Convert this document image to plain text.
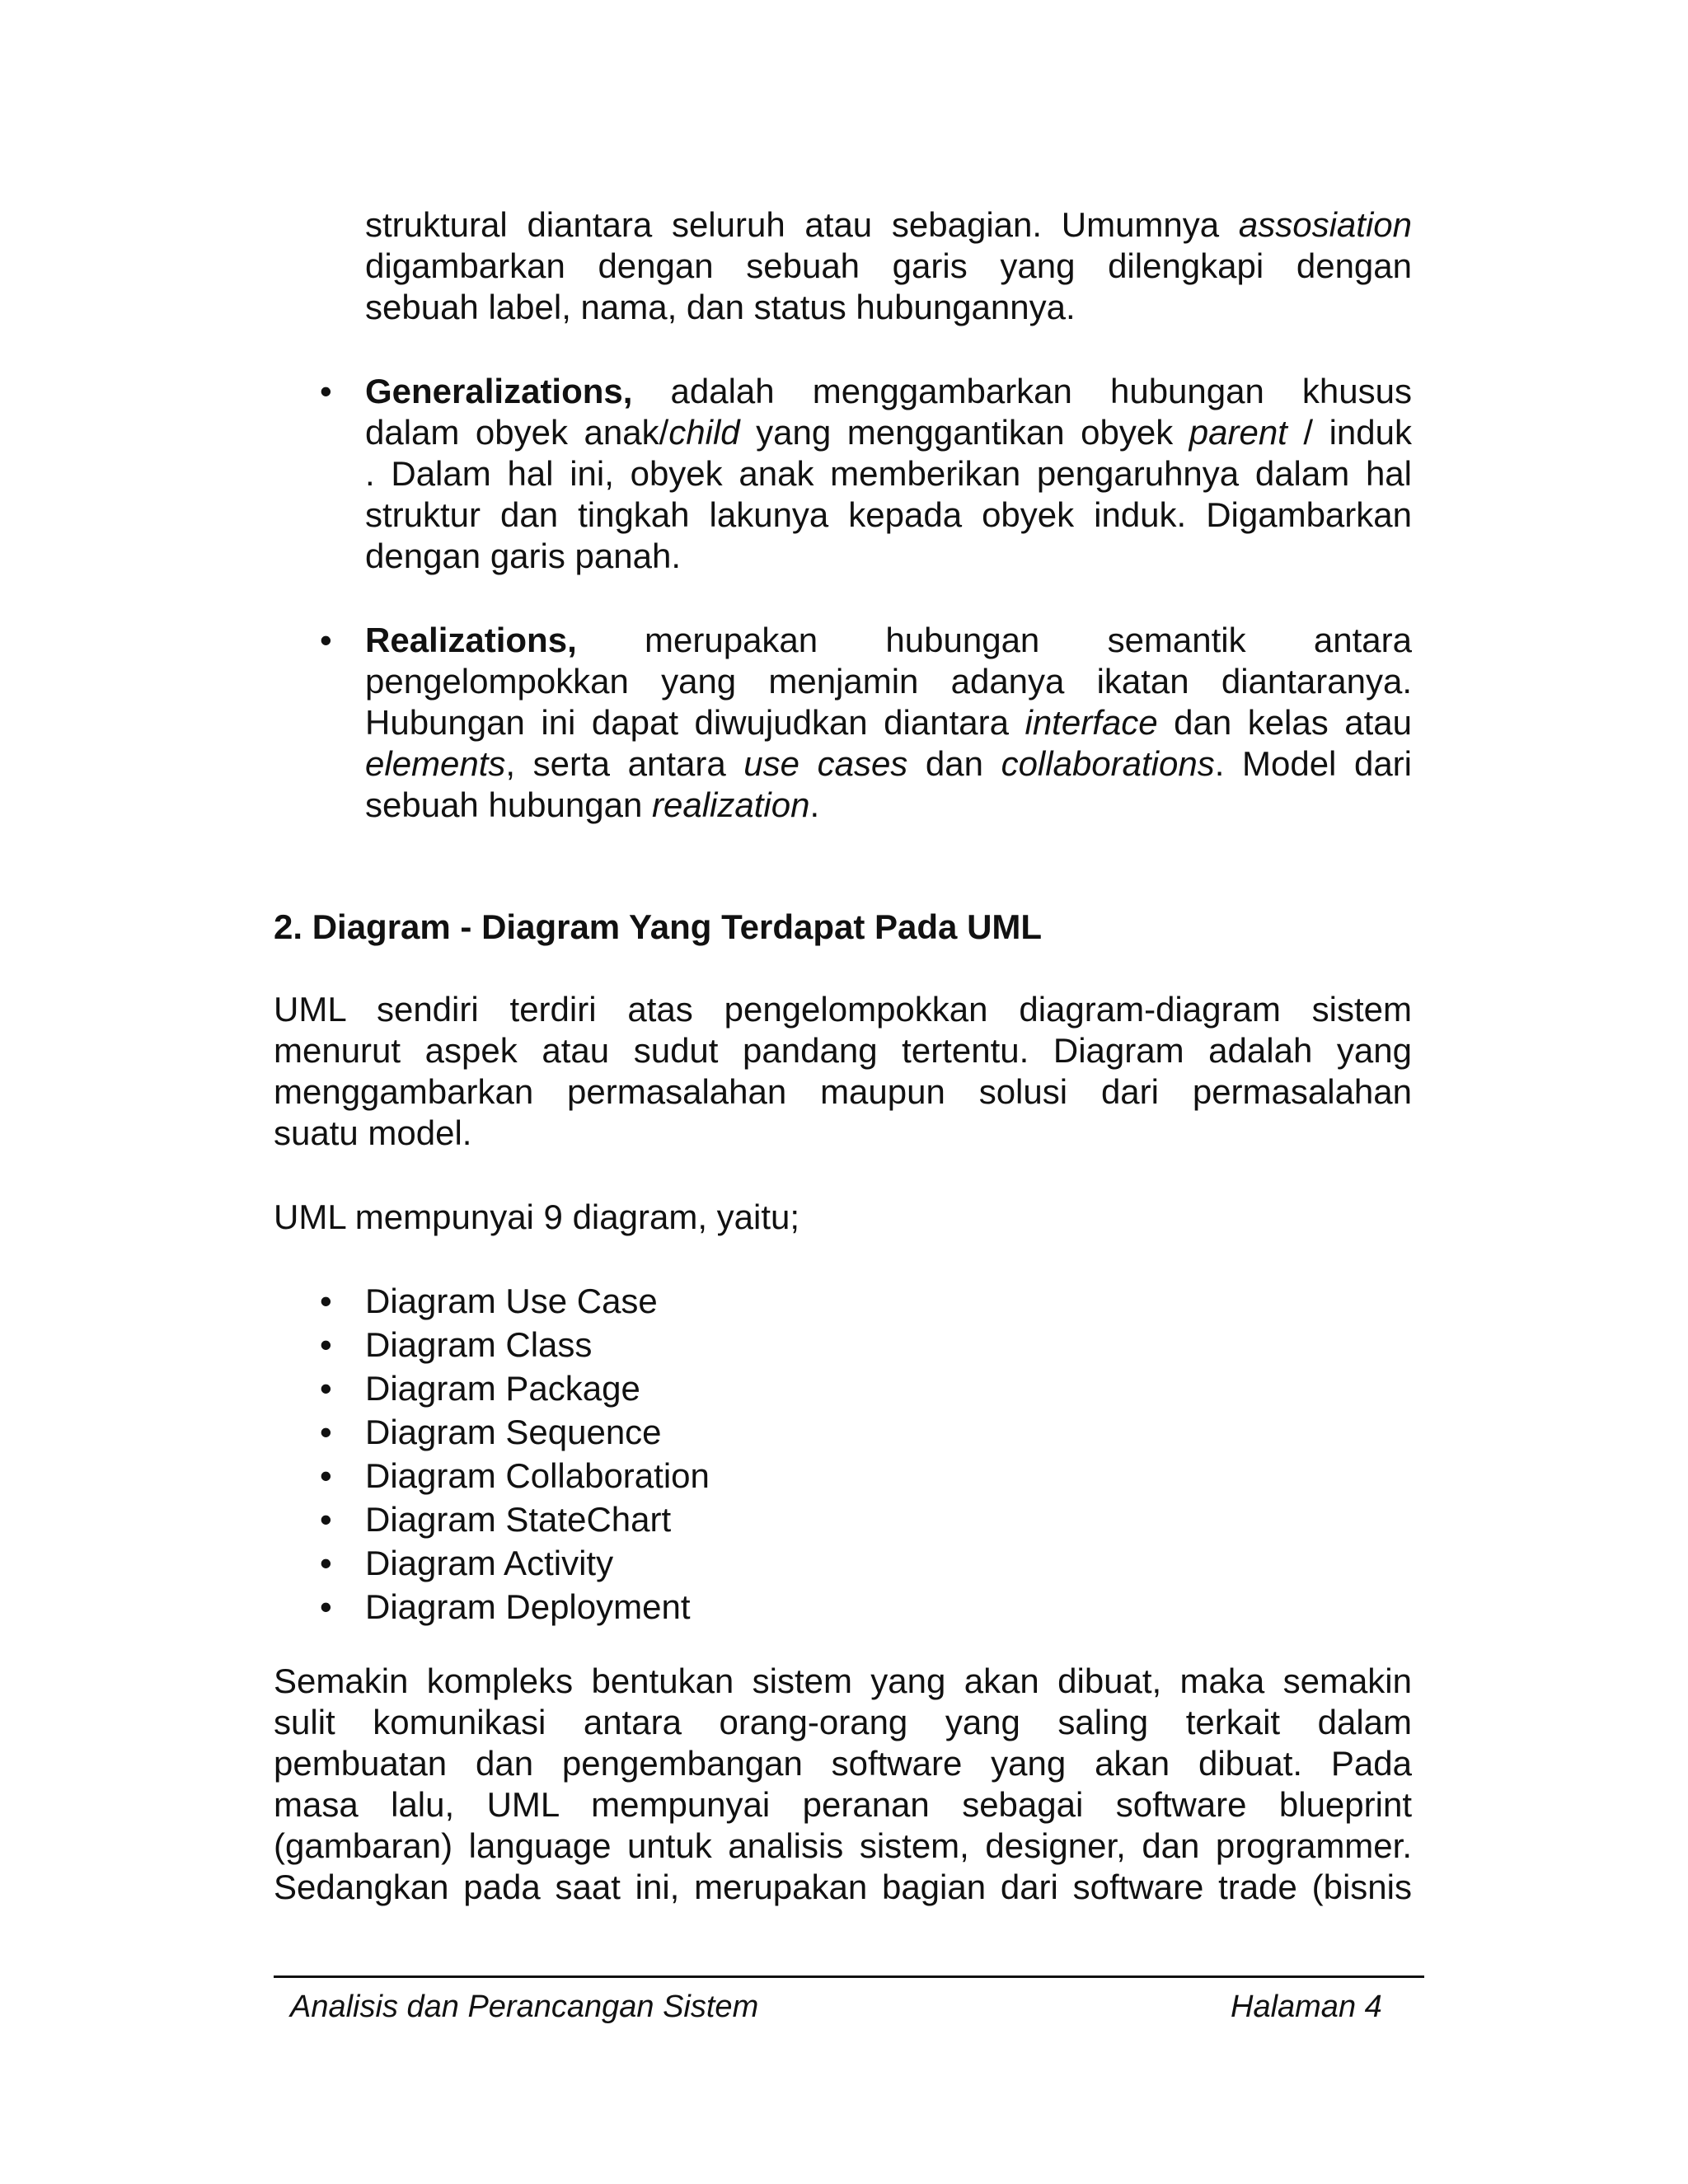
struktural diantara seluruh atau sebagian. Umumnya assosiation
digambarkan dengan sebuah garis yang dilengkapi dengan
sebuah label, nama, dan status hubungannya.
• Generalizations, adalah menggambarkan hubungan khusus
dalam obyek anak/child yang menggantikan obyek parent / induk
. Dalam hal ini, obyek anak memberikan pengaruhnya dalam hal
struktur dan tingkah lakunya kepada obyek induk. Digambarkan
dengan garis panah.
• Realizations, merupakan hubungan semantik antara
pengelompokkan yang menjamin adanya ikatan diantaranya.
Hubungan ini dapat diwujudkan diantara interface dan kelas atau
elements, serta antara use cases dan collaborations. Model dari
sebuah hubungan realization.
2. Diagram - Diagram Yang Terdapat Pada UML
UML sendiri terdiri atas pengelompokkan diagram-diagram sistem
menurut aspek atau sudut pandang tertentu. Diagram adalah yang
menggambarkan permasalahan maupun solusi dari permasalahan
suatu model.
UML mempunyai 9 diagram, yaitu;
• Diagram Use Case
• Diagram Class
• Diagram Package
• Diagram Sequence
• Diagram Collaboration
• Diagram StateChart
• Diagram Activity
• Diagram Deployment
Semakin kompleks bentukan sistem yang akan dibuat, maka semakin
sulit komunikasi antara orang-orang yang saling terkait dalam
pembuatan dan pengembangan software yang akan dibuat. Pada
masa lalu, UML mempunyai peranan sebagai software blueprint
(gambaran) language untuk analisis sistem, designer, dan programmer.
Sedangkan pada saat ini, merupakan bagian dari software trade (bisnis
Analisis dan Perancangan Sistem	Halaman 4
